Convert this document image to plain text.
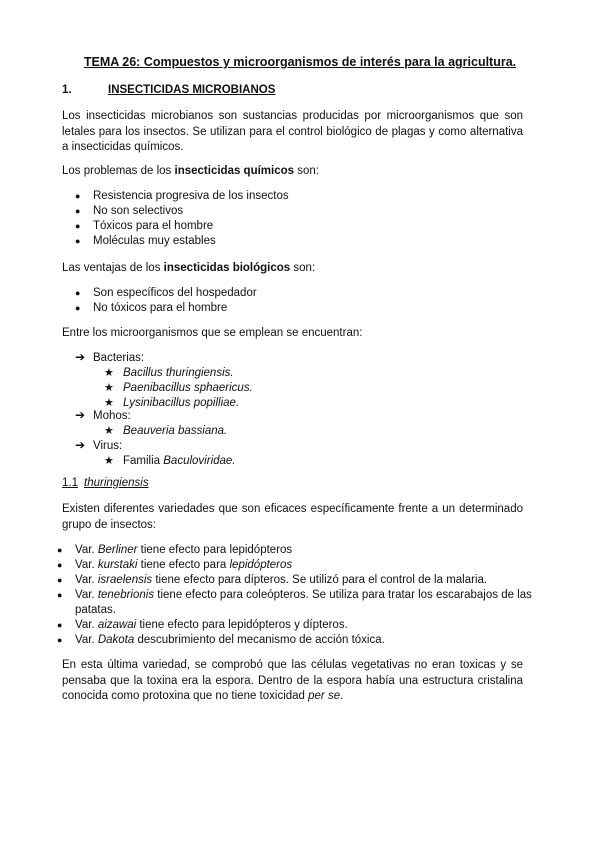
TEMA 26: Compuestos y microorganismos de interés para la agricultura.
1.	INSECTICIDAS MICROBIANOS
Los insecticidas microbianos son sustancias producidas por microorganismos que son letales para los insectos. Se utilizan para el control biológico de plagas y como alternativa a insecticidas químicos.
Los problemas de los insecticidas químicos son:
● Resistencia progresiva de los insectos
● No son selectivos
● Tóxicos para el hombre
● Moléculas muy estables
Las ventajas de los insecticidas biológicos son:
● Son específicos del hospedador
● No tóxicos para el hombre
Entre los microorganismos que se emplean se encuentran:
➔ Bacterias:
★ Bacillus thuringiensis.
★ Paenibacillus sphaericus.
★ Lysinibacillus popilliae.
➔ Mohos:
★ Beauveria bassiana.
➔ Virus:
★ Familia Baculoviridae.
1.1 thuringiensis
Existen diferentes variedades que son eficaces específicamente frente a un determinado grupo de insectos:
● Var. Berliner tiene efecto para lepidópteros
● Var. kurstaki tiene efecto para lepidópteros
● Var. israelensis tiene efecto para dípteros. Se utilizó para el control de la malaria.
● Var. tenebrionis tiene efecto para coleópteros. Se utiliza para tratar los escarabajos de las
patatas.
● Var. aizawai tiene efecto para lepidópteros y dípteros.
● Var. Dakota descubrimiento del mecanismo de acción tóxica.
En esta última variedad, se comprobó que las células vegetativas no eran toxicas y se pensaba que la toxina era la espora. Dentro de la espora había una estructura cristalina conocida como protoxina que no tiene toxicidad per se.
